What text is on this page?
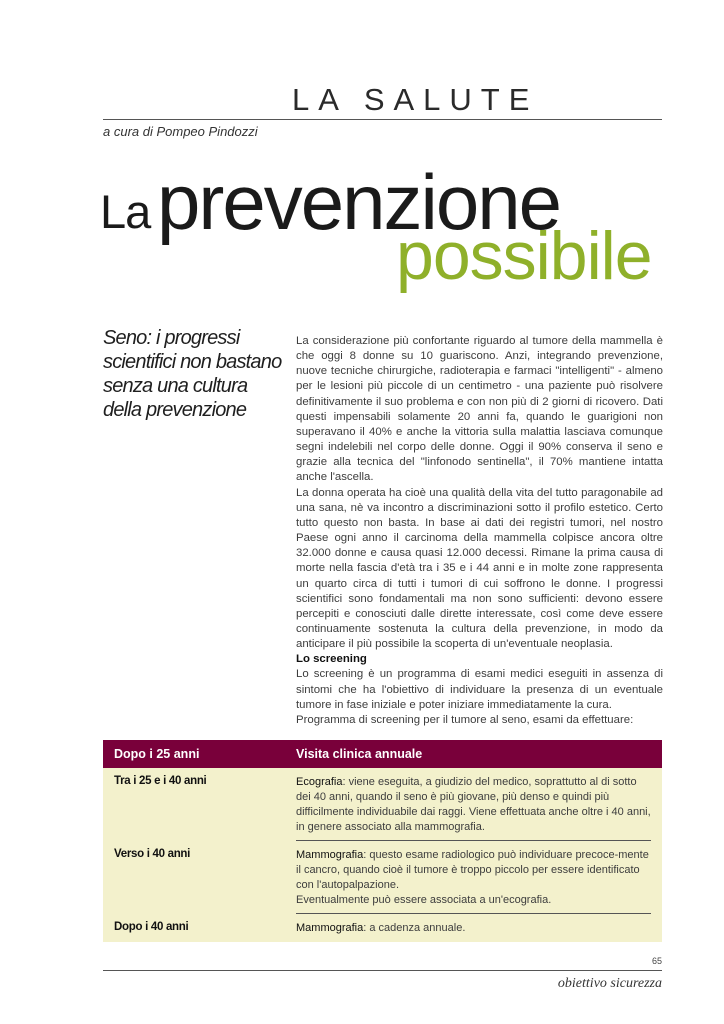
LA SALUTE
a cura di Pompeo Pindozzi
La prevenzione
possibile
Seno: i progressi
scientifici non bastano
senza una cultura
della prevenzione

La considerazione più confortante riguardo al tumore della mammella è che oggi 8 donne su 10 guariscono. Anzi, integrando prevenzione, nuove tecniche chirurgiche, radioterapia e farmaci "intelligenti" - almeno per le lesioni più piccole di un centimetro - una paziente può risolvere definitivamente il suo problema e con non più di 2 giorni di ricovero. Dati questi impensabili solamente 20 anni fa, quando le guarigioni non superavano il 40% e anche la vittoria sulla malattia lasciava comunque segni indelebili nel corpo delle donne. Oggi il 90% conserva il seno e grazie alla tecnica del "linfonodo sentinella", il 70% mantiene intatta anche l'ascella.

La donna operata ha cioè una qualità della vita del tutto paragonabile ad una sana, nè va incontro a discriminazioni sotto il profilo estetico. Certo tutto questo non basta. In base ai dati dei registri tumori, nel nostro Paese ogni anno il carcinoma della mammella colpisce ancora oltre 32.000 donne e causa quasi 12.000 decessi. Rimane la prima causa di morte nella fascia d'età tra i 35 e i 44 anni e in molte zone rappresenta un quarto circa di tutti i tumori di cui soffrono le donne. I progressi scientifici sono fondamentali ma non sono sufficienti: devono essere percepiti e conosciuti dalle dirette interessate, così come deve essere continuamente sostenuta la cultura della prevenzione, in modo da anticipare il più possibile la scoperta di un'eventuale neoplasia.

Lo screening

Lo screening è un programma di esami medici eseguiti in assenza di sintomi che ha l'obiettivo di individuare la presenza di un eventuale tumore in fase iniziale e poter iniziare immediatamente la cura.

Programma di screening per il tumore al seno, esami da effettuare:

Dopo i 25 anni	Visita clinica annuale
Tra i 25 e i 40 anni	Ecografia: viene eseguita, a giudizio del medico, soprattutto al di sotto dei 40 anni, quando il seno è più giovane, più denso e quindi più difficilmente individuabile dai raggi. Viene effettuata anche oltre i 40 anni, in genere associato alla mammografia.
Verso i 40 anni	Mammografia: questo esame radiologico può individuare precoce-mente il cancro, quando cioè il tumore è troppo piccolo per essere identificato con l'autopalpazione.
Eventualmente può essere associata a un'ecografia.
Dopo i 40 anni	Mammografia: a cadenza annuale.
65
obiettivo sicurezza
